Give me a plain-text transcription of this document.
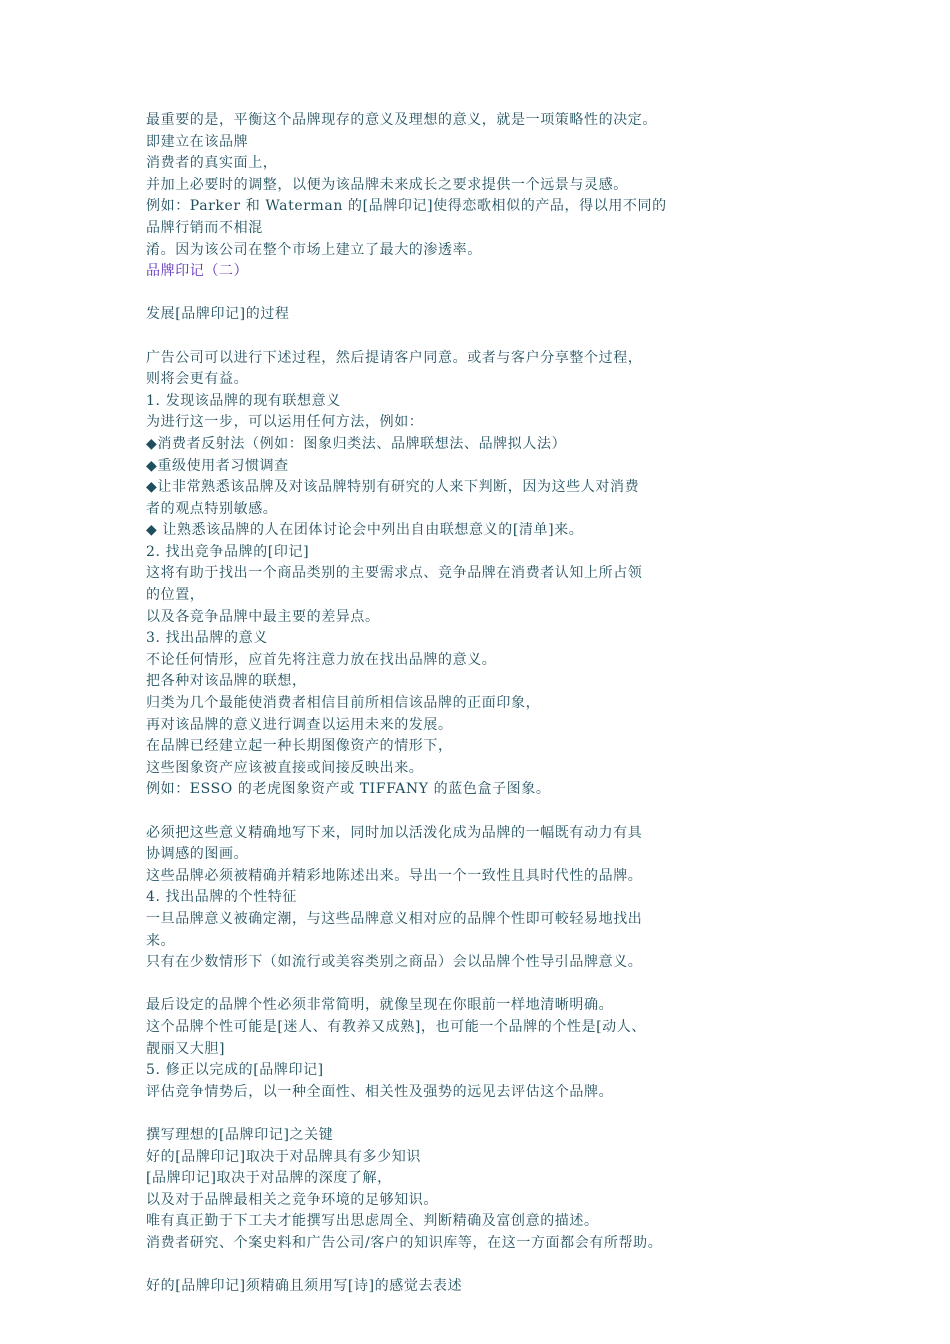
最重要的是，平衡这个品牌现存的意义及理想的意义，就是一项策略性的决定。
即建立在该品牌
消费者的真实面上，
并加上必要时的调整，以便为该品牌未来成长之要求提供一个远景与灵感。
例如：Parker 和 Waterman 的[品牌印记]使得恋歌相似的产品，得以用不同的
品牌行销而不相混
淆。因为该公司在整个市场上建立了最大的渗透率。
品牌印记（二）
发展[品牌印记]的过程
广告公司可以进行下述过程，然后提请客户同意。或者与客户分享整个过程，
则将会更有益。
1. 发现该品牌的现有联想意义
为进行这一步，可以运用任何方法，例如：
◆消费者反射法（例如：图象归类法、品牌联想法、品牌拟人法）
◆重级使用者习惯调查
◆让非常熟悉该品牌及对该品牌特别有研究的人来下判断，因为这些人对消费
者的观点特别敏感。
◆ 让熟悉该品牌的人在团体讨论会中列出自由联想意义的[清单]来。
2. 找出竞争品牌的[印记]
这将有助于找出一个商品类别的主要需求点、竞争品牌在消费者认知上所占领
的位置，
以及各竞争品牌中最主要的差异点。
3. 找出品牌的意义
不论任何情形，应首先将注意力放在找出品牌的意义。
把各种对该品牌的联想，
归类为几个最能使消费者相信目前所相信该品牌的正面印象，
再对该品牌的意义进行调查以运用未来的发展。
在品牌已经建立起一种长期图像资产的情形下，
这些图象资产应该被直接或间接反映出来。
例如：ESSO 的老虎图象资产或 TIFFANY 的蓝色盒子图象。
必须把这些意义精确地写下来，同时加以活泼化成为品牌的一幅既有动力有具
协调感的图画。
这些品牌必须被精确并精彩地陈述出来。导出一个一致性且具时代性的品牌。
4. 找出品牌的个性特征
一旦品牌意义被确定潮，与这些品牌意义相对应的品牌个性即可較轻易地找出
来。
只有在少数情形下（如流行或美容类别之商品）会以品牌个性导引品牌意义。
最后设定的品牌个性必须非常简明，就像呈现在你眼前一样地清晰明确。
这个品牌个性可能是[迷人、有教养又成熟]，也可能一个品牌的个性是[动人、
靓丽又大胆]
5. 修正以完成的[品牌印记]
评估竞争情势后，以一种全面性、相关性及强势的远见去评估这个品牌。
撰写理想的[品牌印记]之关键
好的[品牌印记]取决于对品牌具有多少知识
[品牌印记]取决于对品牌的深度了解，
以及对于品牌最相关之竞争环境的足够知识。
唯有真正勤于下工夫才能撰写出思虑周全、判断精确及富创意的描述。
消费者研究、个案史料和广告公司/客户的知识库等，在这一方面都会有所帮助。
好的[品牌印记]须精确且须用写[诗]的感觉去表述
